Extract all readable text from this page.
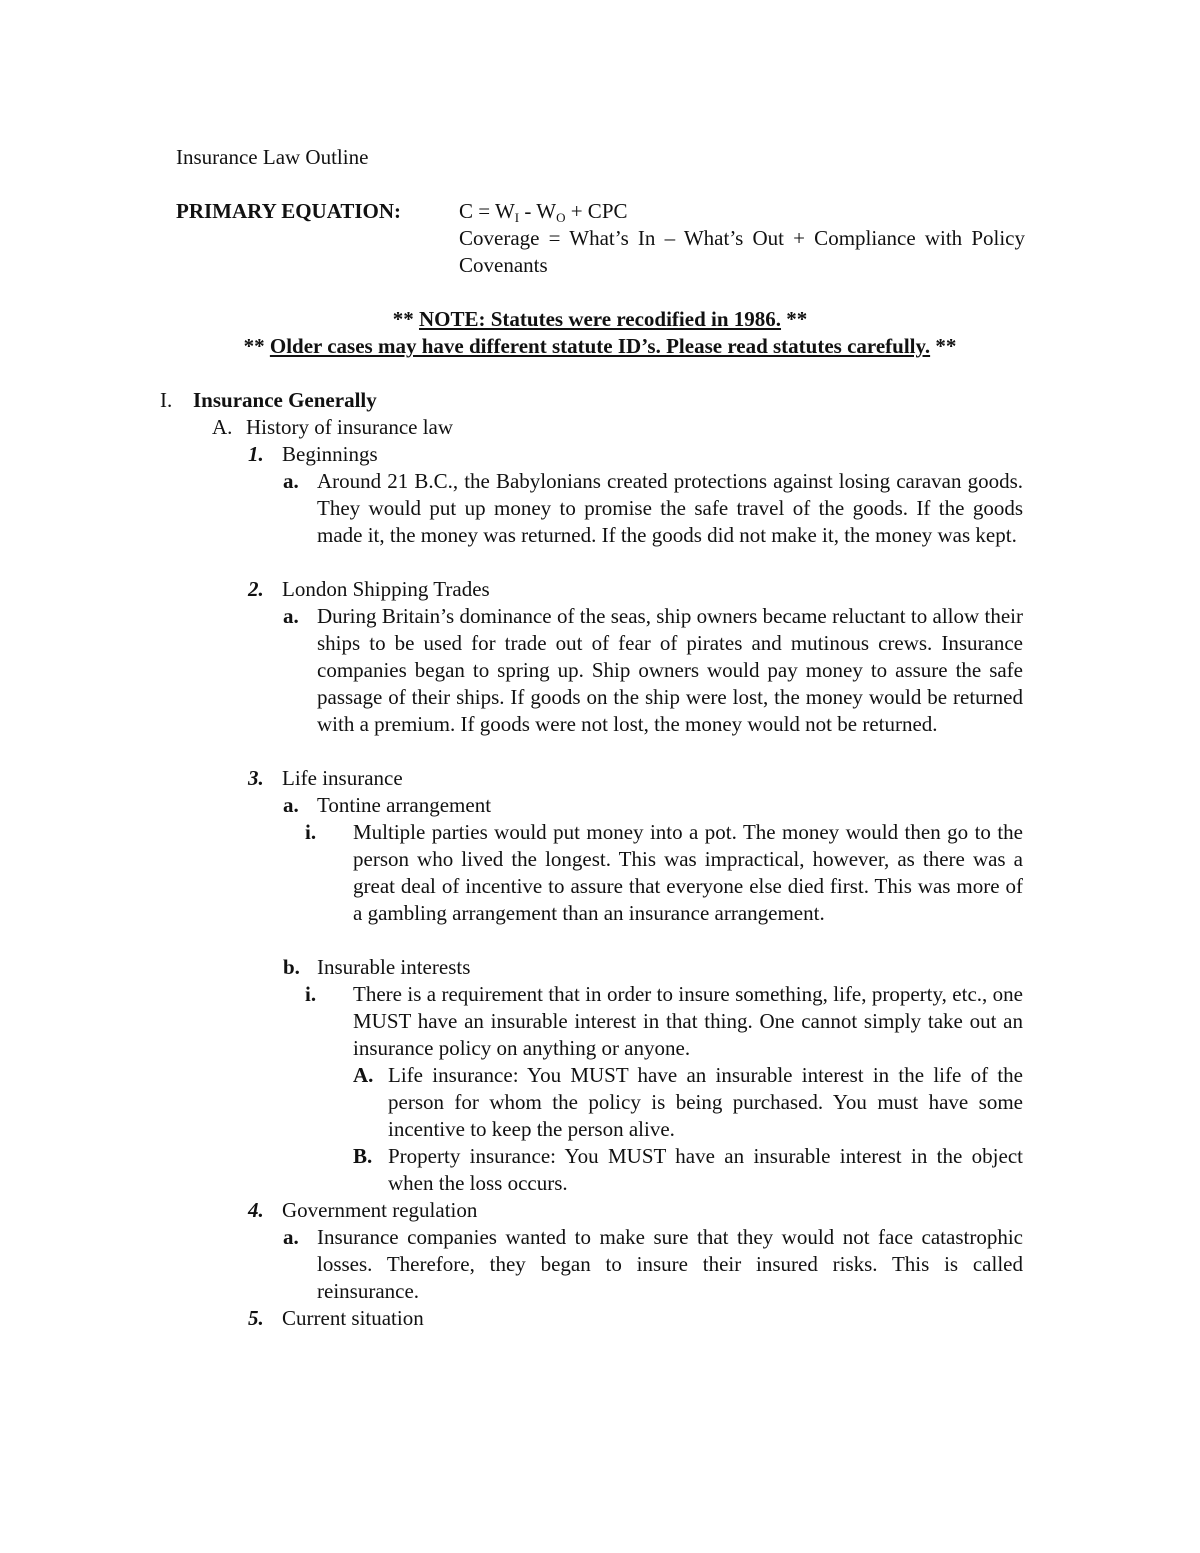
Insurance Law Outline
PRIMARY EQUATION:	$C = W_I - W_O$ + CPC
Coverage = What’s In – What’s Out + Compliance with Policy Covenants
** NOTE: Statutes were recodified in 1986. **
** Older cases may have different statute ID’s. Please read statutes carefully. **
I. Insurance Generally
A. History of insurance law
1. Beginnings
a. Around 21 B.C., the Babylonians created protections against losing caravan goods. They would put up money to promise the safe travel of the goods. If the goods made it, the money was returned. If the goods did not make it, the money was kept.
2. London Shipping Trades
a. During Britain’s dominance of the seas, ship owners became reluctant to allow their ships to be used for trade out of fear of pirates and mutinous crews. Insurance companies began to spring up. Ship owners would pay money to assure the safe passage of their ships. If goods on the ship were lost, the money would be returned with a premium. If goods were not lost, the money would not be returned.
3. Life insurance
a. Tontine arrangement
i. Multiple parties would put money into a pot. The money would then go to the person who lived the longest. This was impractical, however, as there was a great deal of incentive to assure that everyone else died first. This was more of a gambling arrangement than an insurance arrangement.
b. Insurable interests
i. There is a requirement that in order to insure something, life, property, etc., one MUST have an insurable interest in that thing. One cannot simply take out an insurance policy on anything or anyone.
A. Life insurance: You MUST have an insurable interest in the life of the person for whom the policy is being purchased. You must have some incentive to keep the person alive.
B. Property insurance: You MUST have an insurable interest in the object when the loss occurs.
4. Government regulation
a. Insurance companies wanted to make sure that they would not face catastrophic losses. Therefore, they began to insure their insured risks. This is called reinsurance.
5. Current situation
